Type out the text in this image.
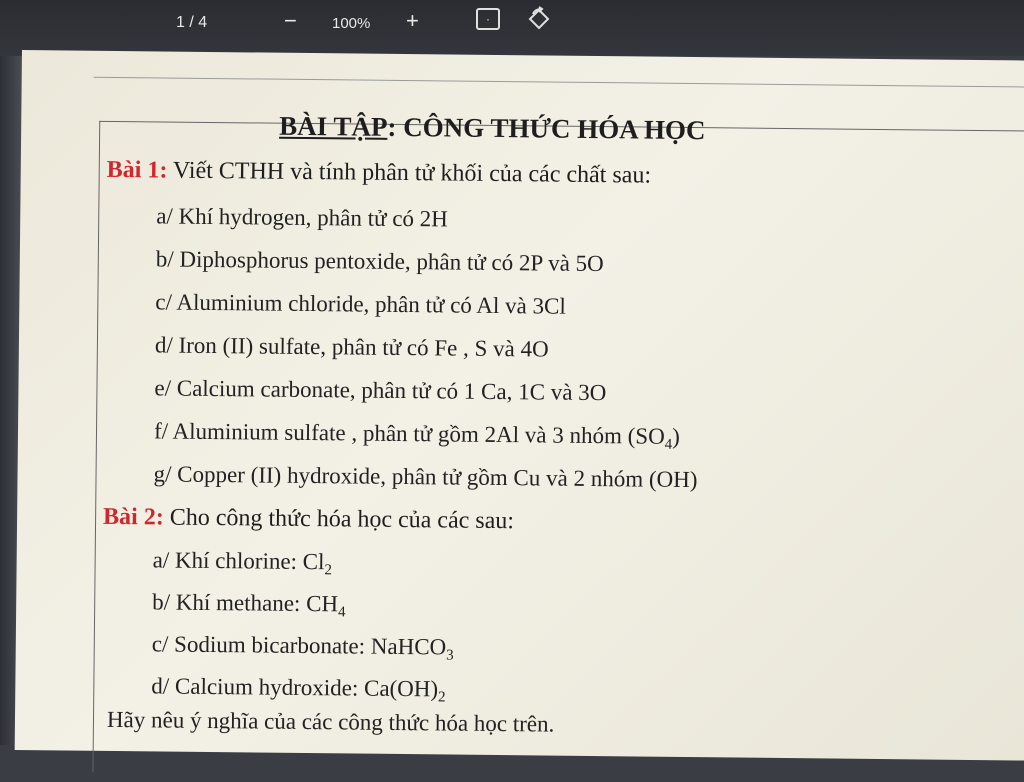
1 / 4	− 100% +	·
BÀI TẬP: CÔNG THỨC HÓA HỌC
Bài 1: Viết CTHH và tính phân tử khối của các chất sau:
a/ Khí hydrogen, phân tử có 2H
b/ Diphosphorus pentoxide, phân tử có 2P và 5O
c/ Aluminium chloride, phân tử có Al và 3Cl
d/ Iron (II) sulfate, phân tử có Fe , S và 4O
e/ Calcium carbonate, phân tử có 1 Ca, 1C và 3O
f/ Aluminium sulfate , phân tử gồm 2Al và 3 nhóm $(SO_4)$
g/ Copper (II) hydroxide, phân tử gồm Cu và 2 nhóm (OH)
Bài 2: Cho công thức hóa học của các sau:
a/ Khí chlorine: $Cl_2$
b/ Khí methane: $CH_4$
c/ Sodium bicarbonate: NaHCO$_3$
d/ Calcium hydroxide: $Ca(OH)_2$
Hãy nêu ý nghĩa của các công thức hóa học trên.
